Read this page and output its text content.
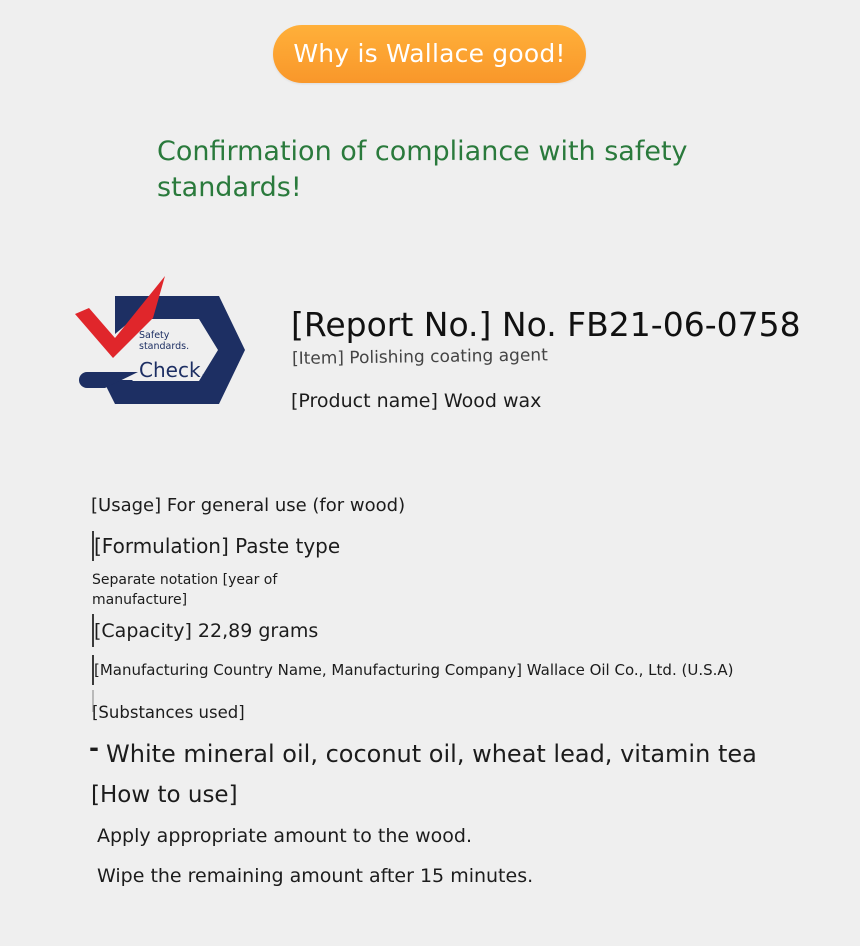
Why is Wallace good!
Confirmation of compliance with safety standards!
Safety
standards.
Check.
[Report No.] No. FB21-06-0758
[Item] Polishing coating agent
[Product name] Wood wax
[Usage] For general use (for wood)
[Formulation] Paste type
Separate notation [year of
manufacture]
[Capacity] 22,89 grams
[Manufacturing Country Name, Manufacturing Company] Wallace Oil Co., Ltd. (U.S.A)
[Substances used]
- White mineral oil, coconut oil, wheat lead, vitamin tea
[How to use]
Apply appropriate amount to the wood.
Wipe the remaining amount after 15 minutes.
